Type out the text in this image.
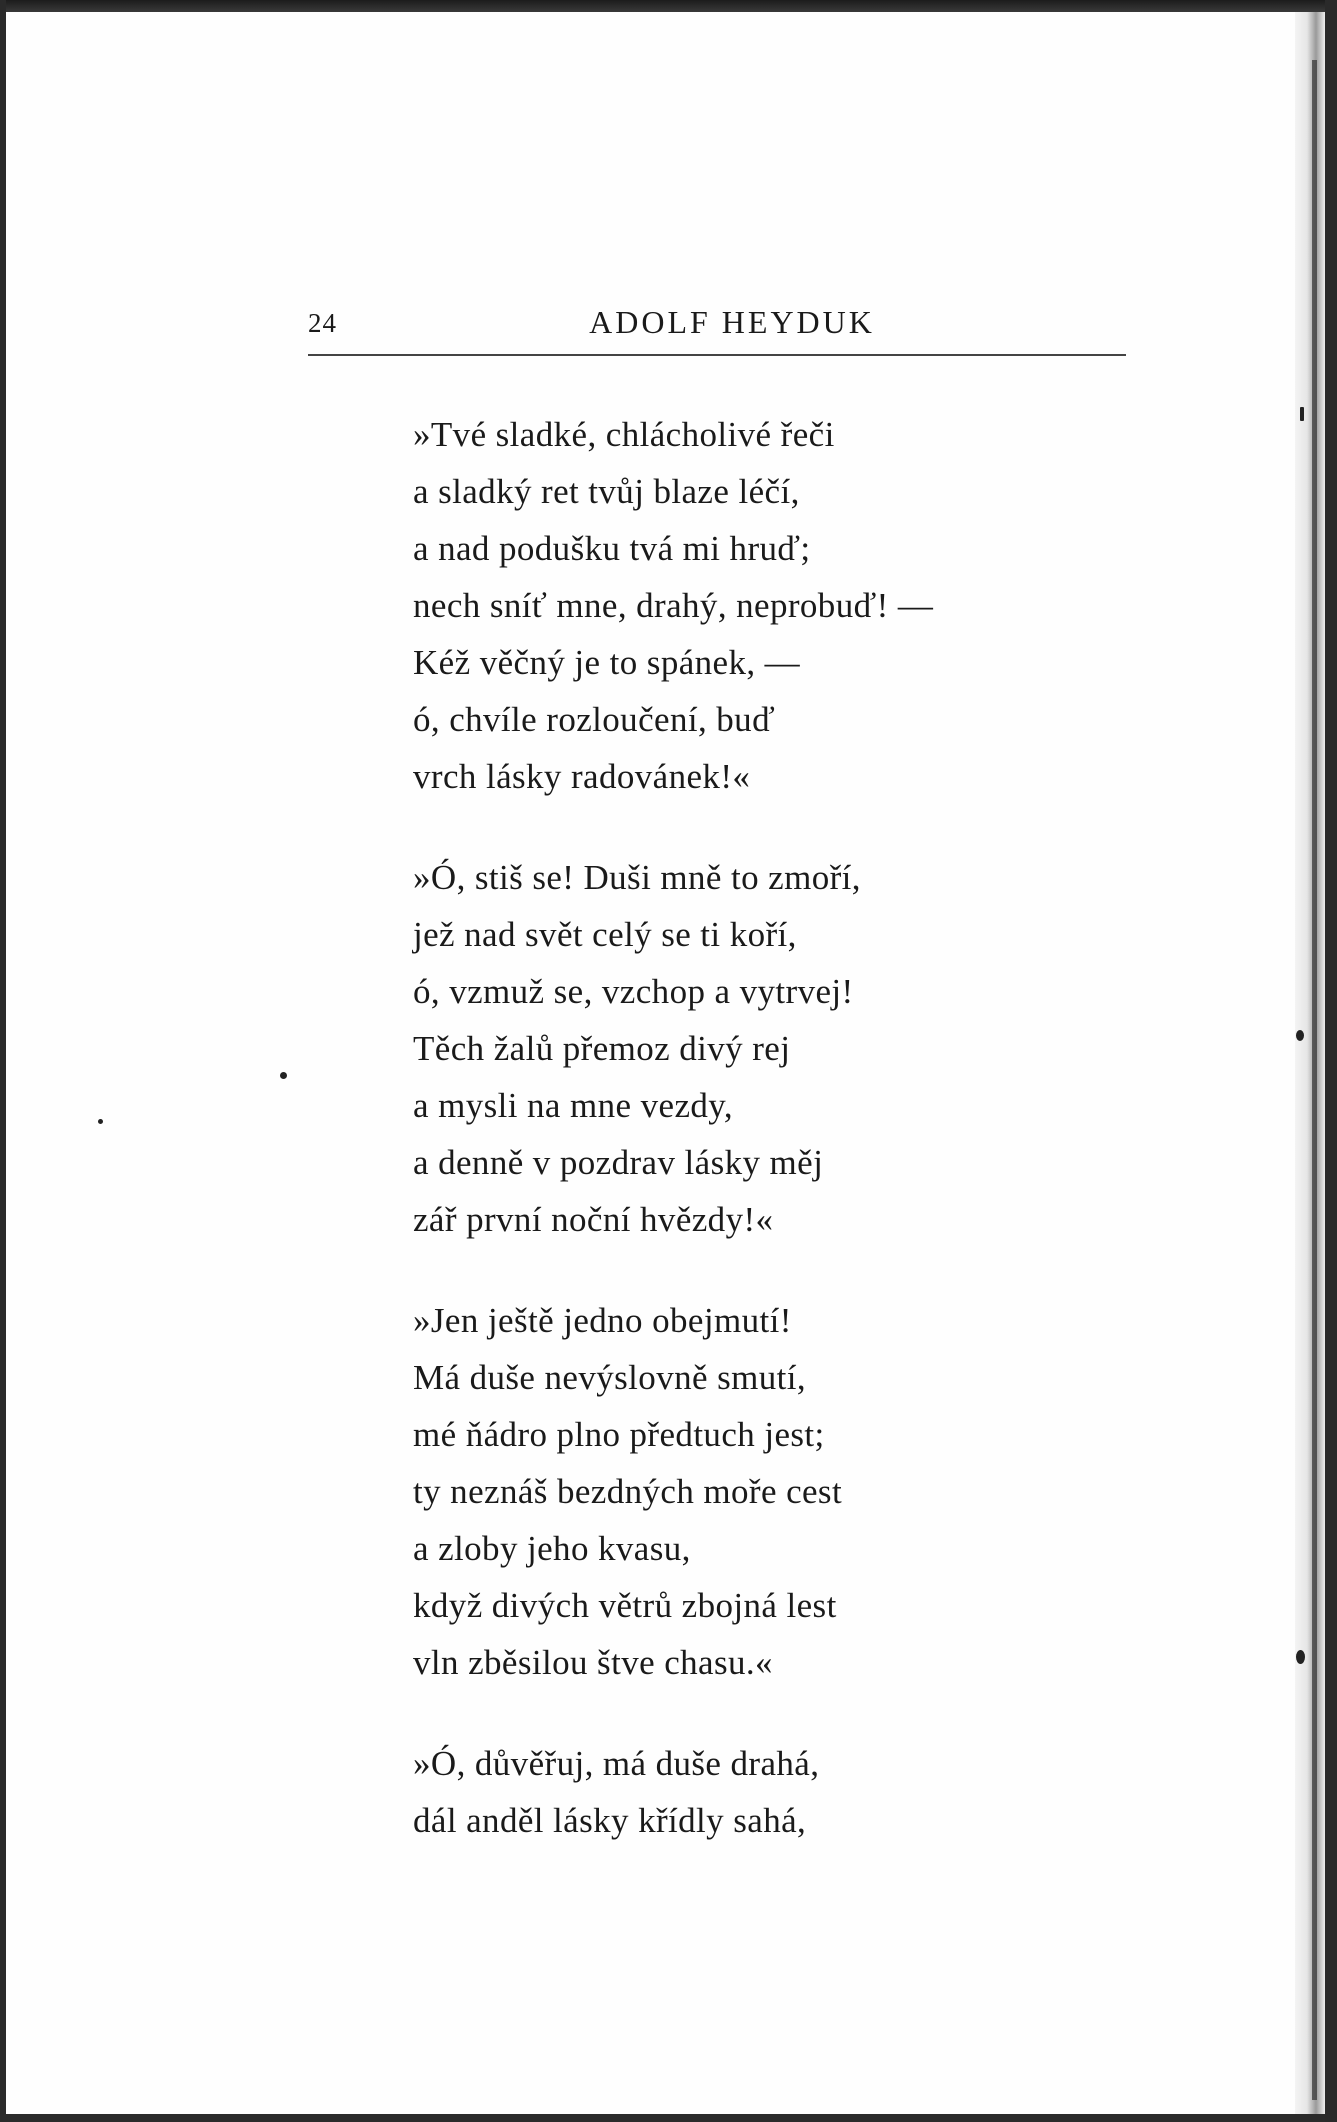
24	ADOLF HEYDUK
»Tvé sladké, chlácholivé řeči
a sladký ret tvůj blaze léčí,
a nad podušku tvá mi hruď;
nech sníť mne, drahý, neprobuď! —
Kéž věčný je to spánek, —
ó, chvíle rozloučení, buď
vrch lásky radovánek!«
»Ó, stiš se! Duši mně to zmoří,
jež nad svět celý se ti koří,
ó, vzmuž se, vzchop a vytrvej!
Těch žalů přemoz divý rej
a mysli na mne vezdy,
a denně v pozdrav lásky měj
zář první noční hvězdy!«
»Jen ještě jedno obejmutí!
Má duše nevýslovně smutí,
mé ňádro plno předtuch jest;
ty neznáš bezdných moře cest
a zloby jeho kvasu,
když divých větrů zbojná lest
vln zběsilou štve chasu.«
»Ó, důvěřuj, má duše drahá,
dál anděl lásky křídly sahá,
